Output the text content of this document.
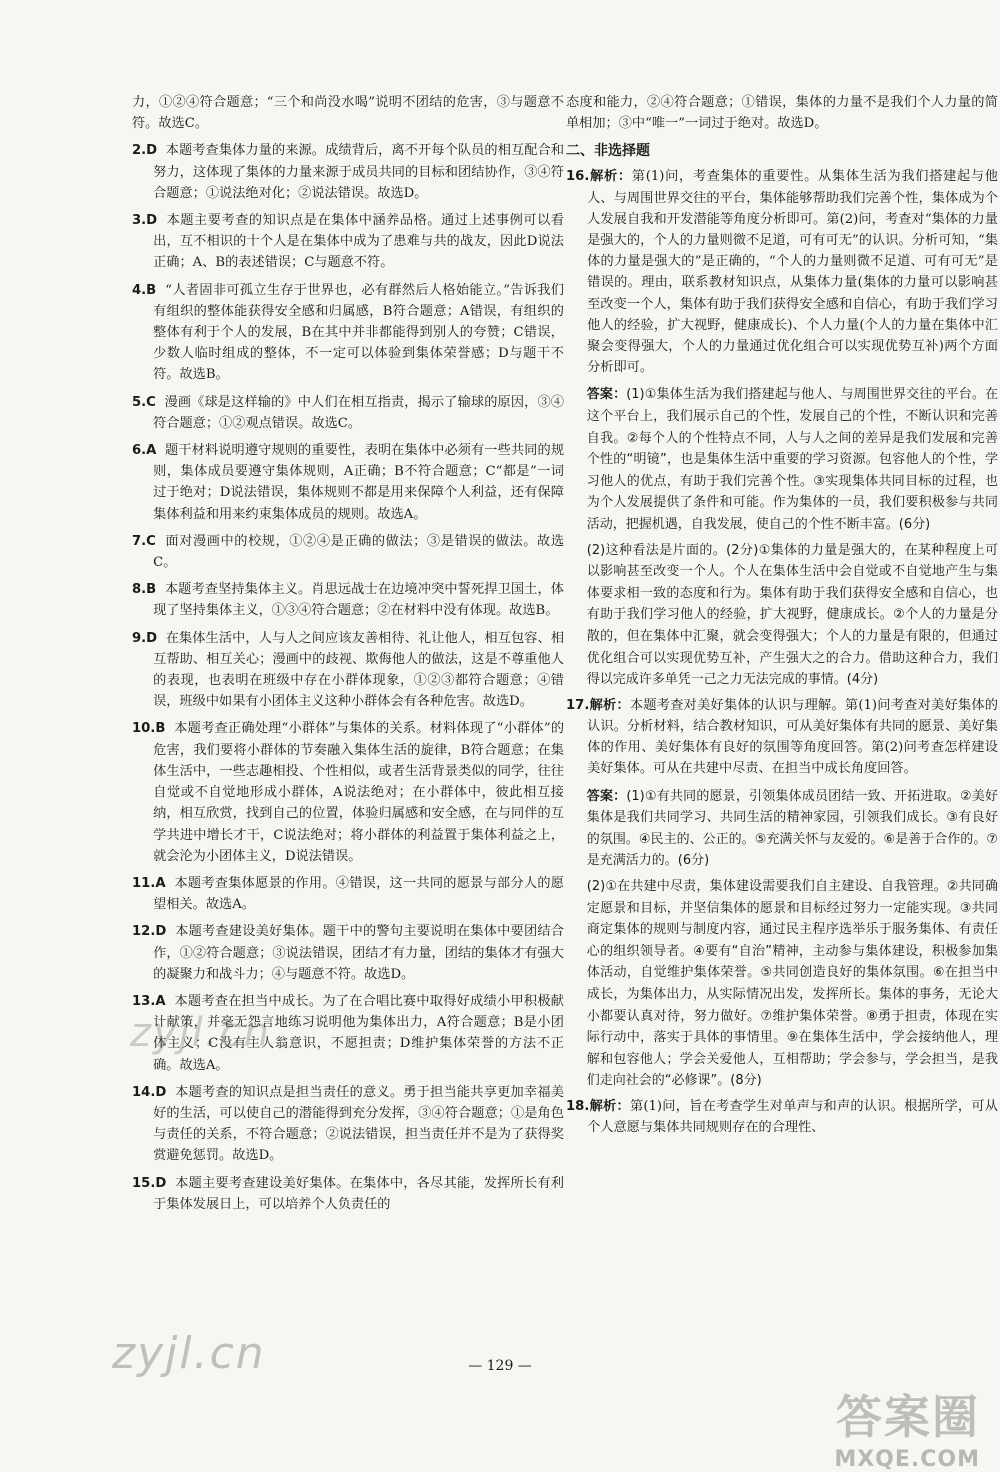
力，①②④符合题意；“三个和尚没水喝”说明不团结的危害，③与题意不符。故选C。

2.D 本题考查集体力量的来源。成绩背后，离不开每个队员的相互配合和努力，这体现了集体的力量来源于成员共同的目标和团结协作，③④符合题意；①说法绝对化；②说法错误。故选D。

3.D 本题主要考查的知识点是在集体中涵养品格。通过上述事例可以看出，互不相识的十个人是在集体中成为了患难与共的战友，因此D说法正确；A、B的表述错误；C与题意不符。

4.B “人者固非可孤立生存于世界也，必有群然后人格始能立。”告诉我们有组织的整体能获得安全感和归属感，B符合题意；A错误，有组织的整体有利于个人的发展，B在其中并非都能得到别人的夸赞；C错误，少数人临时组成的整体，不一定可以体验到集体荣誉感；D与题干不符。故选B。

5.C 漫画《球是这样输的》中人们在相互指责，揭示了输球的原因，③④符合题意；①②观点错误。故选C。

6.A 题干材料说明遵守规则的重要性，表明在集体中必须有一些共同的规则，集体成员要遵守集体规则，A正确；B不符合题意；C“都是”一词过于绝对；D说法错误，集体规则不都是用来保障个人利益，还有保障集体利益和用来约束集体成员的规则。故选A。

7.C 面对漫画中的校规，①②④是正确的做法；③是错误的做法。故选C。

8.B 本题考查坚持集体主义。肖思远战士在边境冲突中誓死捍卫国土，体现了坚持集体主义，①③④符合题意；②在材料中没有体现。故选B。

9.D 在集体生活中，人与人之间应该友善相待、礼让他人，相互包容、相互帮助、相互关心；漫画中的歧视、欺侮他人的做法，这是不尊重他人的表现，也表明在班级中存在小群体现象，①②③都符合题意；④错误，班级中如果有小团体主义这种小群体会有各种危害。故选D。

10.B 本题考查正确处理“小群体”与集体的关系。材料体现了“小群体”的危害，我们要将小群体的节奏融入集体生活的旋律，B符合题意；在集体生活中，一些志趣相投、个性相似，或者生活背景类似的同学，往往自觉或不自觉地形成小群体，A说法绝对；在小群体中，彼此相互接纳，相互欣赏，找到自己的位置，体验归属感和安全感，在与同伴的互学共进中增长才干，C说法绝对；将小群体的利益置于集体利益之上，就会沦为小团体主义，D说法错误。

11.A 本题考查集体愿景的作用。④错误，这一共同的愿景与部分人的愿望相关。故选A。

12.D 本题考查建设美好集体。题干中的警句主要说明在集体中要团结合作，①②符合题意；③说法错误，团结才有力量，团结的集体才有强大的凝聚力和战斗力；④与题意不符。故选D。

13.A 本题考查在担当中成长。为了在合唱比赛中取得好成绩小甲积极献计献策，并毫无怨言地练习说明他为集体出力，A符合题意；B是小团体主义；C没有主人翁意识，不愿担责；D维护集体荣誉的方法不正确。故选A。

14.D 本题考查的知识点是担当责任的意义。勇于担当能共享更加幸福美好的生活，可以使自己的潜能得到充分发挥，③④符合题意；①是角色与责任的关系，不符合题意；②说法错误，担当责任并不是为了获得奖赏避免惩罚。故选D。

15.D 本题主要考查建设美好集体。在集体中，各尽其能，发挥所长有利于集体发展日上，可以培养个人负责任的

态度和能力，②④符合题意；①错误，集体的力量不是我们个人力量的简单相加；③中“唯一”一词过于绝对。故选D。

二、非选择题

16.解析：第(1)问，考查集体的重要性。从集体生活为我们搭建起与他人、与周围世界交往的平台，集体能够帮助我们完善个性，集体成为个人发展自我和开发潜能等角度分析即可。第(2)问，考查对“集体的力量是强大的，个人的力量则微不足道，可有可无”的认识。分析可知，“集体的力量是强大的”是正确的，“个人的力量则微不足道、可有可无”是错误的。理由，联系教材知识点，从集体力量(集体的力量可以影响甚至改变一个人，集体有助于我们获得安全感和自信心，有助于我们学习他人的经验，扩大视野，健康成长)、个人力量(个人的力量在集体中汇聚会变得强大，个人的力量通过优化组合可以实现优势互补)两个方面分析即可。

答案：(1)①集体生活为我们搭建起与他人、与周围世界交往的平台。在这个平台上，我们展示自己的个性，发展自己的个性，不断认识和完善自我。②每个人的个性特点不同，人与人之间的差异是我们发展和完善个性的“明镜”，也是集体生活中重要的学习资源。包容他人的个性，学习他人的优点，有助于我们完善个性。③实现集体共同目标的过程，也为个人发展提供了条件和可能。作为集体的一员，我们要积极参与共同活动，把握机遇，自我发展，使自己的个性不断丰富。(6分)

(2)这种看法是片面的。(2分)①集体的力量是强大的，在某种程度上可以影响甚至改变一个人。个人在集体生活中会自觉或不自觉地产生与集体要求相一致的态度和行为。集体有助于我们获得安全感和自信心，也有助于我们学习他人的经验，扩大视野，健康成长。②个人的力量是分散的，但在集体中汇聚，就会变得强大；个人的力量是有限的，但通过优化组合可以实现优势互补，产生强大之的合力。借助这种合力，我们得以完成许多单凭一己之力无法完成的事情。(4分)

17.解析：本题考查对美好集体的认识与理解。第(1)问考查对美好集体的认识。分析材料，结合教材知识，可从美好集体有共同的愿景、美好集体的作用、美好集体有良好的氛围等角度回答。第(2)问考查怎样建设美好集体。可从在共建中尽责、在担当中成长角度回答。

答案：(1)①有共同的愿景，引领集体成员团结一致、开拓进取。②美好集体是我们共同学习、共同生活的精神家园，引领我们成长。③有良好的氛围。④民主的、公正的。⑤充满关怀与友爱的。⑥是善于合作的。⑦是充满活力的。(6分)

(2)①在共建中尽责，集体建设需要我们自主建设、自我管理。②共同确定愿景和目标，并坚信集体的愿景和目标经过努力一定能实现。③共同商定集体的规则与制度内容，通过民主程序选举乐于服务集体、有责任心的组织领导者。④要有“自治”精神，主动参与集体建设，积极参加集体活动，自觉维护集体荣誉。⑤共同创造良好的集体氛围。⑥在担当中成长，为集体出力，从实际情况出发，发挥所长。集体的事务，无论大小都要认真对待，努力做好。⑦维护集体荣誉。⑧勇于担责，体现在实际行动中，落实于具体的事情里。⑨在集体生活中，学会接纳他人，理解和包容他人；学会关爱他人，互相帮助；学会参与，学会担当，是我们走向社会的“必修课”。(8分)

18.解析：第(1)问，旨在考查学生对单声与和声的认识。根据所学，可从个人意愿与集体共同规则存在的合理性、

zyjl.cn
zyjl.cn
答案圈
MXQE.COM
— 129 —
